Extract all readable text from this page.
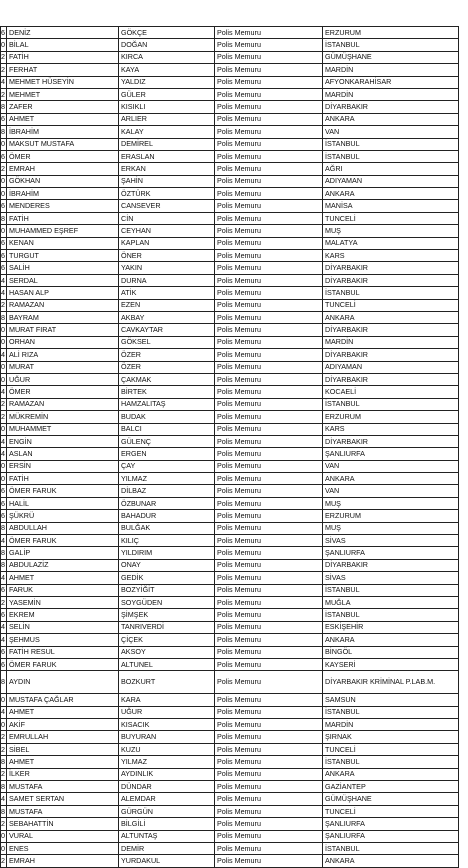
6	DENİZ	GÖKÇE	Polis Memuru	ERZURUM
0	BİLAL	DOĞAN	Polis Memuru	İSTANBUL
2	FATİH	KIRCA	Polis Memuru	GÜMÜŞHANE
2	FERHAT	KAYA	Polis Memuru	MARDİN
4	MEHMET HÜSEYİN	YALDIZ	Polis Memuru	AFYONKARAHİSAR
2	MEHMET	GÜLER	Polis Memuru	MARDİN
8	ZAFER	KISIKLI	Polis Memuru	DİYARBAKIR
6	AHMET	ARLIER	Polis Memuru	ANKARA
8	İBRAHİM	KALAY	Polis Memuru	VAN
0	MAKSUT MUSTAFA	DEMİREL	Polis Memuru	İSTANBUL
6	ÖMER	ERASLAN	Polis Memuru	İSTANBUL
2	EMRAH	ERKAN	Polis Memuru	AĞRI
0	GÖKHAN	ŞAHİN	Polis Memuru	ADIYAMAN
0	İBRAHİM	ÖZTÜRK	Polis Memuru	ANKARA
6	MENDERES	CANSEVER	Polis Memuru	MANİSA
8	FATİH	CİN	Polis Memuru	TUNCELİ
0	MUHAMMED EŞREF	CEYHAN	Polis Memuru	MUŞ
6	KENAN	KAPLAN	Polis Memuru	MALATYA
6	TURGUT	ÖNER	Polis Memuru	KARS
6	SALİH	YAKIN	Polis Memuru	DİYARBAKIR
4	SERDAL	DURNA	Polis Memuru	DİYARBAKIR
4	HASAN ALP	ATİK	Polis Memuru	İSTANBUL
2	RAMAZAN	EZEN	Polis Memuru	TUNCELİ
8	BAYRAM	AKBAY	Polis Memuru	ANKARA
0	MURAT FIRAT	CAVKAYTAR	Polis Memuru	DİYARBAKIR
0	ORHAN	GÖKSEL	Polis Memuru	MARDİN
4	ALİ RIZA	ÖZER	Polis Memuru	DİYARBAKIR
0	MURAT	ÖZER	Polis Memuru	ADIYAMAN
0	UĞUR	ÇAKMAK	Polis Memuru	DİYARBAKIR
4	ÖMER	BİRTEK	Polis Memuru	KOCAELİ
2	RAMAZAN	HAMZALITAŞ	Polis Memuru	İSTANBUL
2	MÜKREMİN	BUDAK	Polis Memuru	ERZURUM
0	MUHAMMET	BALCI	Polis Memuru	KARS
4	ENGİN	GÜLENÇ	Polis Memuru	DİYARBAKIR
4	ASLAN	ERGEN	Polis Memuru	ŞANLIURFA
0	ERSİN	ÇAY	Polis Memuru	VAN
0	FATİH	YILMAZ	Polis Memuru	ANKARA
6	ÖMER FARUK	DİLBAZ	Polis Memuru	VAN
6	HALİL	ÖZBUNAR	Polis Memuru	MUŞ
6	ŞÜKRÜ	BAHADUR	Polis Memuru	ERZURUM
8	ABDULLAH	BULĞAK	Polis Memuru	MUŞ
4	ÖMER FARUK	KILIÇ	Polis Memuru	SİVAS
8	GALİP	YILDIRIM	Polis Memuru	ŞANLIURFA
8	ABDULAZİZ	ONAY	Polis Memuru	DİYARBAKIR
4	AHMET	GEDİK	Polis Memuru	SİVAS
6	FARUK	BOZYİĞİT	Polis Memuru	İSTANBUL
2	YASEMİN	SOYGÜDEN	Polis Memuru	MUĞLA
6	EKREM	ŞİMŞEK	Polis Memuru	İSTANBUL
4	SELİN	TANRIVERDİ	Polis Memuru	ESKİŞEHİR
4	ŞEHMUS	ÇİÇEK	Polis Memuru	ANKARA
6	FATİH RESUL	AKSOY	Polis Memuru	BİNGÖL
6	ÖMER FARUK	ALTUNEL	Polis Memuru	KAYSERİ
8	AYDIN	BOZKURT	Polis Memuru	DİYARBAKIR KRİMİNAL P.LAB.M.
0	MUSTAFA ÇAĞLAR	KARA	Polis Memuru	SAMSUN
4	AHMET	UĞUR	Polis Memuru	İSTANBUL
0	AKİF	KISACIK	Polis Memuru	MARDİN
2	EMRULLAH	BUYURAN	Polis Memuru	ŞIRNAK
2	SİBEL	KUZU	Polis Memuru	TUNCELİ
8	AHMET	YILMAZ	Polis Memuru	İSTANBUL
2	İLKER	AYDINLIK	Polis Memuru	ANKARA
8	MUSTAFA	DÜNDAR	Polis Memuru	GAZİANTEP
4	SAMET SERTAN	ALEMDAR	Polis Memuru	GÜMÜŞHANE
8	MUSTAFA	GÜRGÜN	Polis Memuru	TUNCELİ
2	SEBAHATTİN	BİLGİLİ	Polis Memuru	ŞANLIURFA
0	VURAL	ALTUNTAŞ	Polis Memuru	ŞANLIURFA
0	ENES	DEMİR	Polis Memuru	İSTANBUL
2	EMRAH	YURDAKUL	Polis Memuru	ANKARA
